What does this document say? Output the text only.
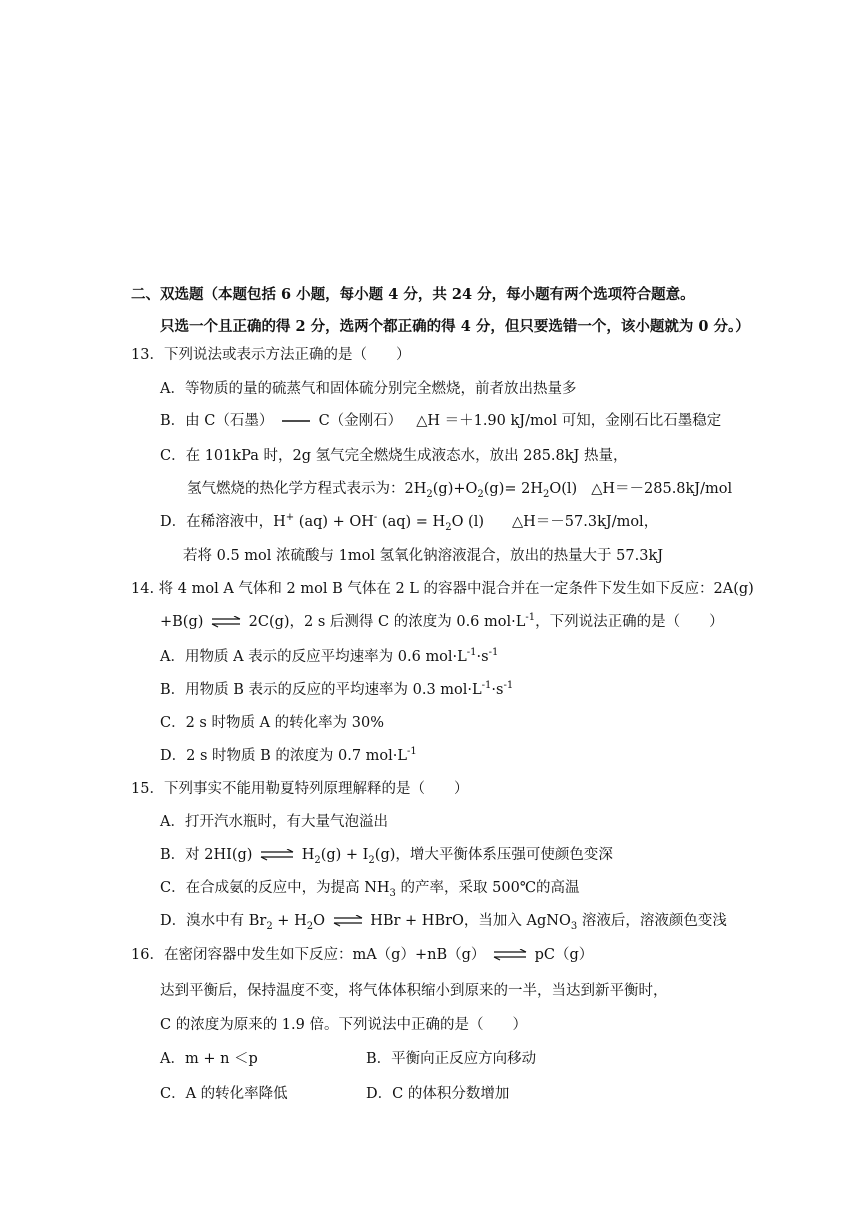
二、双选题（本题包括 6 小题，每小题 4 分，共 24 分，每小题有两个选项符合题意。
只选一个且正确的得 2 分，选两个都正确的得 4 分，但只要选错一个，该小题就为 0 分。）
13．下列说法或表示方法正确的是（　　）
A．等物质的量的硫蒸气和固体硫分别完全燃烧，前者放出热量多
B．由 C（石墨）	C（金刚石） △H ＝＋1.90 kJ/mol 可知，金刚石比石墨稳定
C．在 101kPa 时，2g 氢气完全燃烧生成液态水，放出 285.8kJ 热量，
氢气燃烧的热化学方程式表示为：$2H_2(g)+O_2(g)= 2H_2O(l)$ △H＝－285.8kJ/mol
D．在稀溶液中，H+ (aq) + OH- $(aq) = H_2O$ (l) △H＝－57.3kJ/mol，
若将 0.5 mol 浓硫酸与 1mol 氢氧化钠溶液混合，放出的热量大于 57.3kJ
14. 将 4 mol A 气体和 2 mol B 气体在 2 L 的容器中混合并在一定条件下发生如下反应：2A(g)
+B(g) ⇌ 2C(g)，2 s 后测得 C 的浓度为 0.6 $mol\cdot L^{-1}$，下列说法正确的是（　　）
A．用物质 A 表示的反应平均速率为 0.6 $mol\cdot L^{-1}\cdot s^{-1}$
B．用物质 B 表示的反应的平均速率为 0.3 $mol\cdot L^{-1}\cdot s^{-1}$
C．2 s 时物质 A 的转化率为 30%
D．2 s 时物质 B 的浓度为 0.7 $mol\cdot L^{-1}$
15．下列事实不能用勒夏特列原理解释的是（　　）
A．打开汽水瓶时，有大量气泡溢出
B．对 2HI(g) ⇌ $H_2(g) + I_2(g)$，增大平衡体系压强可使颜色变深
C．在合成氨的反应中，为提高 $NH_3$ 的产率，采取 500℃的高温
D．溴水中有 $Br_2 + H_2O$ ⇌ HBr + HBrO，当加入 AgNO$_3$ 溶液后，溶液颜色变浅
16．在密闭容器中发生如下反应：mA（g）+nB（g） ⇌ pC（g）
达到平衡后，保持温度不变，将气体体积缩小到原来的一半，当达到新平衡时，
C 的浓度为原来的 1.9 倍。下列说法中正确的是（　　）
A．m + n ＜p	B．平衡向正反应方向移动
C．A 的转化率降低	D．C 的体积分数增加
